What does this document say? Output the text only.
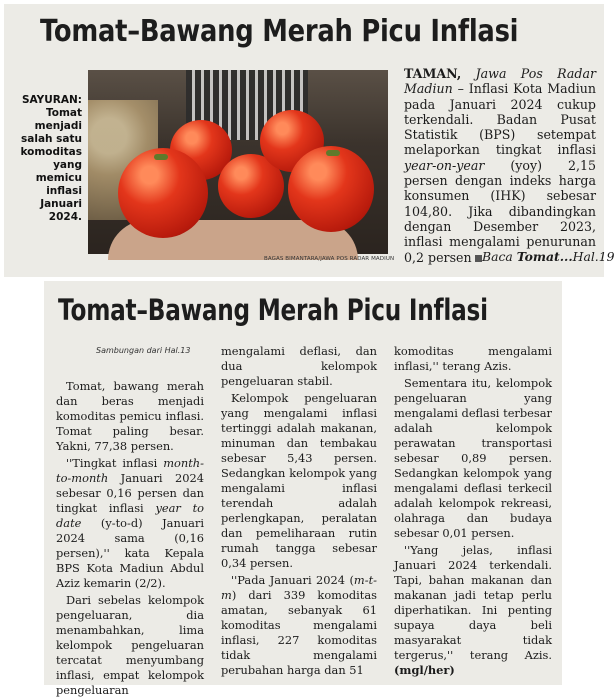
Tomat–Bawang Merah Picu Inflasi
SAYURAN:
Tomat menjadi salah satu komoditas yang memicu inflasi Januari 2024.
BAGAS BIMANTARA/JAWA POS RADAR MADIUN

TAMAN, Jawa Pos Radar Madiun – Inflasi Kota Madiun pada Januari 2024 cukup terkendali. Badan Pusat Statistik (BPS) setempat melaporkan tingkat inflasi year-on-year (yoy) 2,15 persen dengan indeks harga konsumen (IHK) sebesar 104,80. Jika dibandingkan dengan Desember 2023, inflasi mengalami penurunan 0,2 persen Baca Tomat...Hal.19
Tomat–Bawang Merah Picu Inflasi
Sambungan dari Hal.13

Tomat, bawang merah dan beras menjadi komoditas pemicu inflasi. Tomat paling besar. Yakni, 77,38 persen.

''Tingkat inflasi month-to-month Januari 2024 sebesar 0,16 persen dan tingkat inflasi year to date (y-to-d) Januari 2024 sama (0,16 persen),'' kata Kepala BPS Kota Madiun Abdul Aziz kemarin (2/2).

Dari sebelas kelompok pengeluaran, dia menambahkan, lima kelompok pengeluaran tercatat menyumbang inflasi, empat kelompok pengeluaran

mengalami deflasi, dan dua kelompok pengeluaran stabil.

Kelompok pengeluaran yang mengalami inflasi tertinggi adalah makanan, minuman dan tembakau sebesar 5,43 persen. Sedangkan kelompok yang mengalami inflasi terendah adalah perlengkapan, peralatan dan pemeliharaan rutin rumah tangga sebesar 0,34 persen.

''Pada Januari 2024 (m-t-m) dari 339 komoditas amatan, sebanyak 61 komoditas mengalami inflasi, 227 komoditas tidak mengalami perubahan harga dan 51

komoditas mengalami inflasi,'' terang Azis.

Sementara itu, kelompok pengeluaran yang mengalami deflasi terbesar adalah kelompok perawatan transportasi sebesar 0,89 persen. Sedangkan kelompok yang mengalami deflasi terkecil adalah kelompok rekreasi, olahraga dan budaya sebesar 0,01 persen.

''Yang jelas, inflasi Januari 2024 terkendali. Tapi, bahan makanan dan makanan jadi tetap perlu diperhatikan. Ini penting supaya daya beli masyarakat tidak tergerus,'' terang Azis. (mgl/her)
